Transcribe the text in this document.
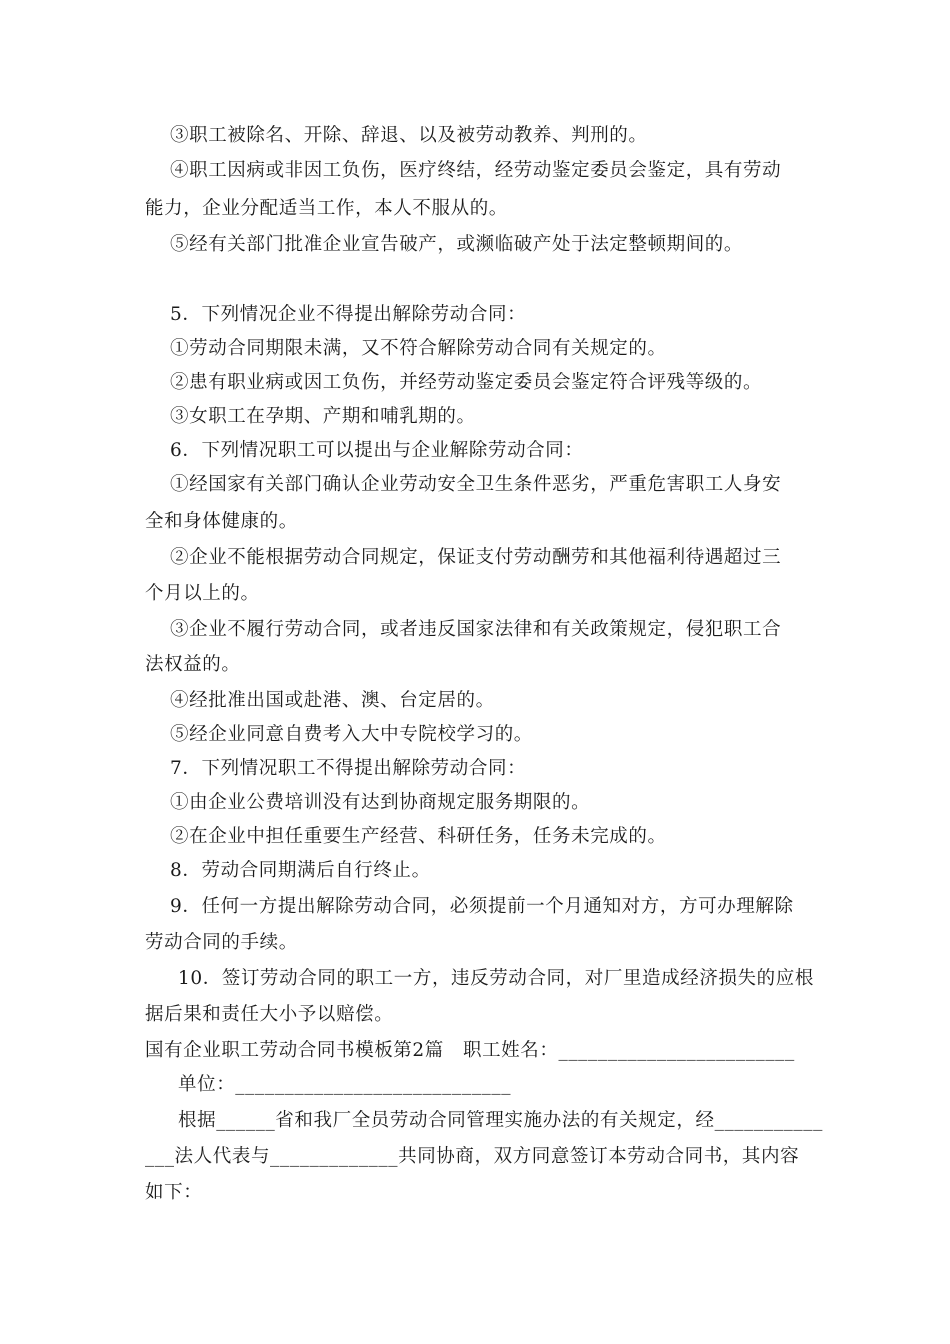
③职工被除名、开除、辞退、以及被劳动教养、判刑的。
④职工因病或非因工负伤，医疗终结，经劳动鉴定委员会鉴定，具有劳动
能力，企业分配适当工作，本人不服从的。
⑤经有关部门批准企业宣告破产，或濒临破产处于法定整顿期间的。
5．下列情况企业不得提出解除劳动合同：
①劳动合同期限未满，又不符合解除劳动合同有关规定的。
②患有职业病或因工负伤，并经劳动鉴定委员会鉴定符合评残等级的。
③女职工在孕期、产期和哺乳期的。
6．下列情况职工可以提出与企业解除劳动合同：
①经国家有关部门确认企业劳动安全卫生条件恶劣，严重危害职工人身安
全和身体健康的。
②企业不能根据劳动合同规定，保证支付劳动酬劳和其他福利待遇超过三
个月以上的。
③企业不履行劳动合同，或者违反国家法律和有关政策规定，侵犯职工合
法权益的。
④经批准出国或赴港、澳、台定居的。
⑤经企业同意自费考入大中专院校学习的。
7．下列情况职工不得提出解除劳动合同：
①由企业公费培训没有达到协商规定服务期限的。
②在企业中担任重要生产经营、科研任务，任务未完成的。
8．劳动合同期满后自行终止。
9．任何一方提出解除劳动合同，必须提前一个月通知对方，方可办理解除
劳动合同的手续。
10．签订劳动合同的职工一方，违反劳动合同，对厂里造成经济损失的应根
据后果和责任大小予以赔偿。
国有企业职工劳动合同书模板第2篇　职工姓名：________________________
单位：____________________________
根据______省和我厂全员劳动合同管理实施办法的有关规定，经___________
___法人代表与_____________共同协商，双方同意签订本劳动合同书，其内容
如下：
